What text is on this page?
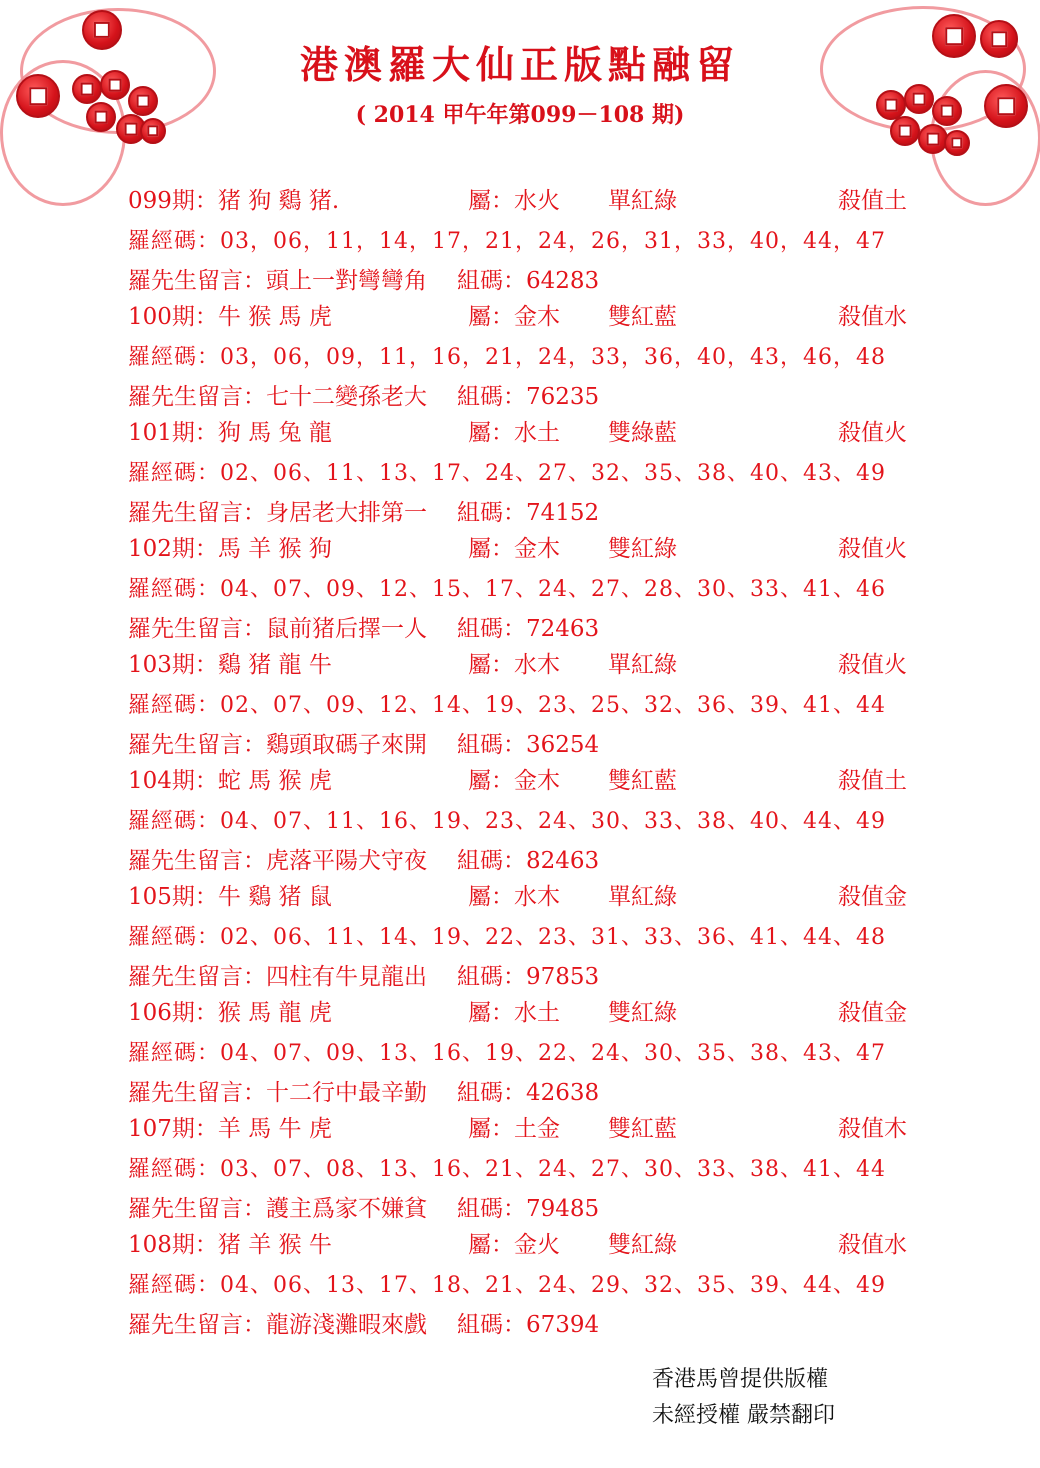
港澳羅大仙正版點融留
( 2014 甲午年第099－108 期)
099期：猪 狗 鷄 猪.	屬：水火 單紅綠	殺值土
羅經碼：03，06，11，14，17，21，24，26，31，33，40，44，47
羅先生留言：頭上一對彎彎角 組碼：64283
100期：牛 猴 馬 虎	屬：金木 雙紅藍	殺值水
羅經碼：03，06，09，11，16，21，24，33，36，40，43，46，48
羅先生留言：七十二變孫老大 組碼：76235
101期：狗 馬 兔 龍	屬：水土 雙綠藍	殺值火
羅經碼：02、06、11、13、17、24、27、32、35、38、40、43、49
羅先生留言：身居老大排第一 組碼：74152
102期：馬 羊 猴 狗	屬：金木 雙紅綠	殺值火
羅經碼：04、07、09、12、15、17、24、27、28、30、33、41、46
羅先生留言：鼠前猪后擇一人 組碼：72463
103期：鷄 猪 龍 牛	屬：水木 單紅綠	殺值火
羅經碼：02、07、09、12、14、19、23、25、32、36、39、41、44
羅先生留言：鷄頭取碼子來開 組碼：36254
104期：蛇 馬 猴 虎	屬：金木 雙紅藍	殺值土
羅經碼：04、07、11、16、19、23、24、30、33、38、40、44、49
羅先生留言：虎落平陽犬守夜 組碼：82463
105期：牛 鷄 猪 鼠	屬：水木 單紅綠	殺值金
羅經碼：02、06、11、14、19、22、23、31、33、36、41、44、48
羅先生留言：四柱有牛見龍出 組碼：97853
106期：猴 馬 龍 虎	屬：水土 雙紅綠	殺值金
羅經碼：04、07、09、13、16、19、22、24、30、35、38、43、47
羅先生留言：十二行中最辛勤 組碼：42638
107期：羊 馬 牛 虎	屬：土金 雙紅藍	殺值木
羅經碼：03、07、08、13、16、21、24、27、30、33、38、41、44
羅先生留言：護主爲家不嫌貧 組碼：79485
108期：猪 羊 猴 牛	屬：金火 雙紅綠	殺值水
羅經碼：04、06、13、17、18、21、24、29、32、35、39、44、49
羅先生留言：龍游淺灘暇來戲 組碼：67394
香港馬曾提供版權
未經授權 嚴禁翻印
